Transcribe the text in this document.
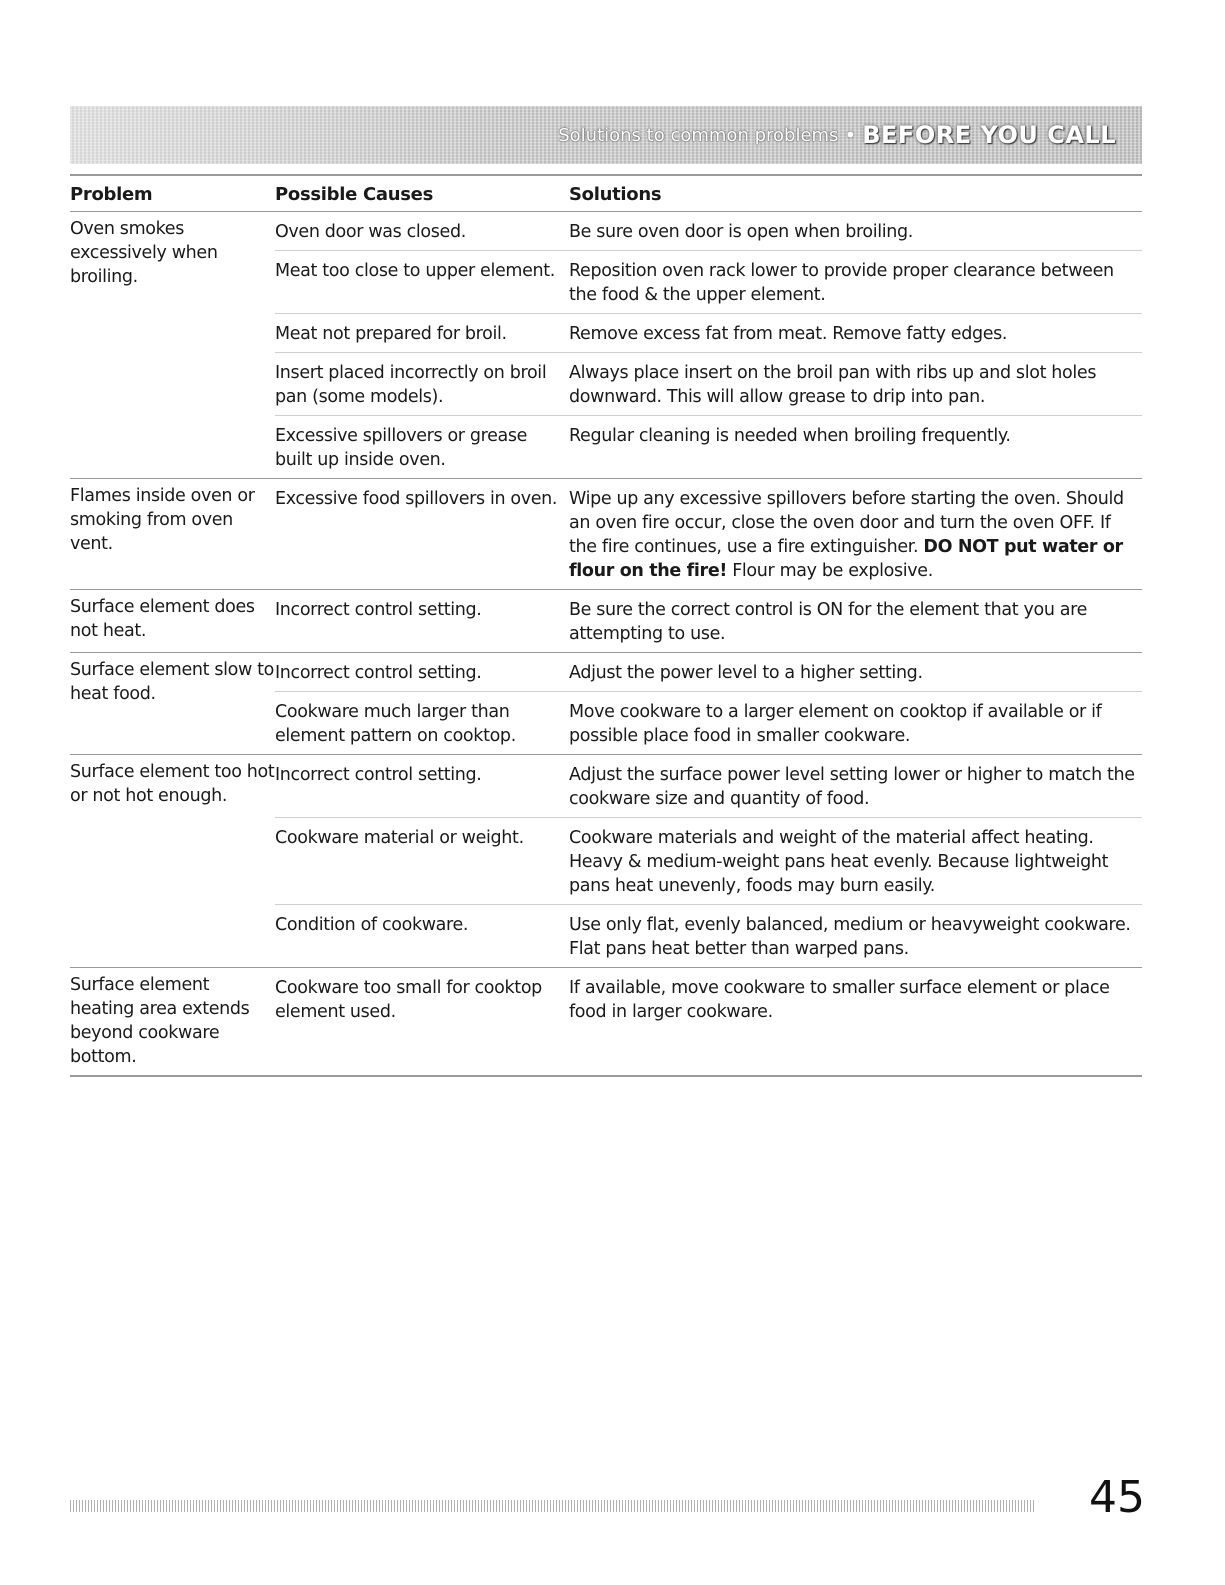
Solutions to common problems • BEFORE YOU CALL
Problem	Possible Causes	Solutions
Oven smokes excessively when broiling.	Oven door was closed.	Be sure oven door is open when broiling.
	Meat too close to upper element.	Reposition oven rack lower to provide proper clearance between the food & the upper element.
	Meat not prepared for broil.	Remove excess fat from meat. Remove fatty edges.
	Insert placed incorrectly on broil pan (some models).	Always place insert on the broil pan with ribs up and slot holes downward. This will allow grease to drip into pan.
	Excessive spillovers or grease built up inside oven.	Regular cleaning is needed when broiling frequently.
Flames inside oven or smoking from oven vent.	Excessive food spillovers in oven.	Wipe up any excessive spillovers before starting the oven. Should an oven fire occur, close the oven door and turn the oven OFF. If the fire continues, use a fire extinguisher. DO NOT put water or flour on the fire! Flour may be explosive.
Surface element does not heat.	Incorrect control setting.	Be sure the correct control is ON for the element that you are attempting to use.
Surface element slow to heat food.	Incorrect control setting.	Adjust the power level to a higher setting.
	Cookware much larger than element pattern on cooktop.	Move cookware to a larger element on cooktop if available or if possible place food in smaller cookware.
Surface element too hot or not hot enough.	Incorrect control setting.	Adjust the surface power level setting lower or higher to match the cookware size and quantity of food.
	Cookware material or weight.	Cookware materials and weight of the material affect heating. Heavy & medium-weight pans heat evenly. Because lightweight pans heat unevenly, foods may burn easily.
	Condition of cookware.	Use only flat, evenly balanced, medium or heavyweight cookware. Flat pans heat better than warped pans.
Surface element heating area extends beyond cookware bottom.	Cookware too small for cooktop element used.	If available, move cookware to smaller surface element or place food in larger cookware.
45
